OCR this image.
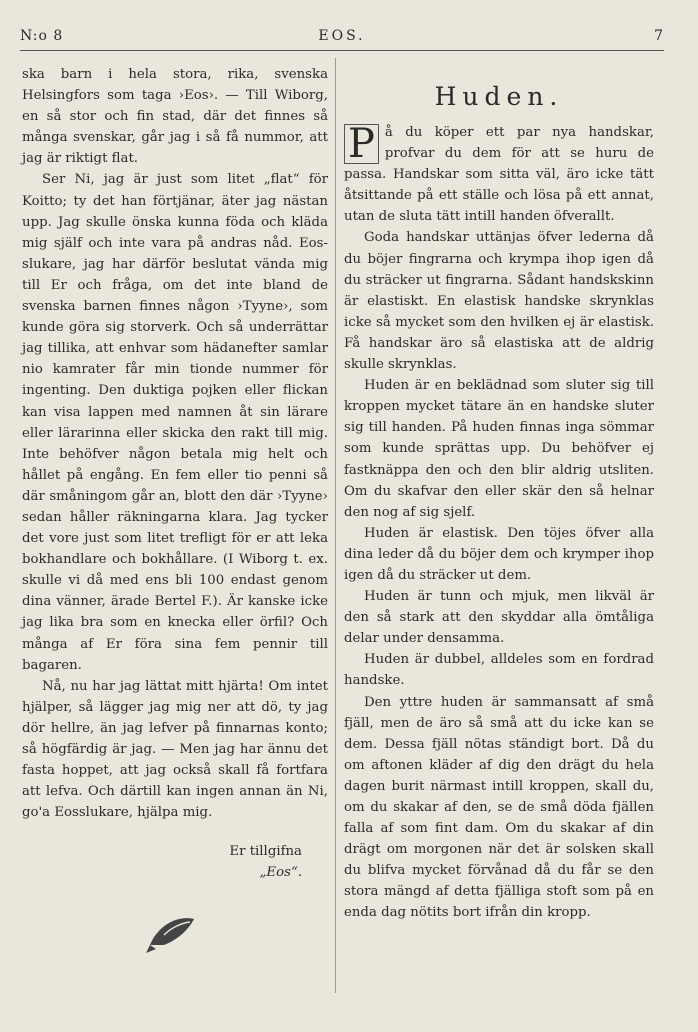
N:o 8	EOS.	7

ska barn i hela stora, rika, svenska Helsingfors som taga ›Eos›. — Till Wiborg, en så stor och fin stad, där det finnes så många svenskar, går jag i så få nummor, att jag är riktigt flat.

Ser Ni, jag är just som litet „flat“ för Koitto; ty det han förtjänar, äter jag nästan upp. Jag skulle önska kunna föda och kläda mig själf och inte vara på andras nåd. Eos-slukare, jag har därför beslutat vända mig till Er och fråga, om det inte bland de svenska barnen finnes någon ›Tyyne›, som kunde göra sig storverk. Och så underrättar jag tillika, att enhvar som hädanefter samlar nio kamrater får min tionde nummer för ingenting. Den duktiga pojken eller flickan kan visa lappen med namnen åt sin lärare eller lärarinna eller skicka den rakt till mig. Inte behöfver någon betala mig helt och hållet på engång. En fem eller tio penni så där småningom går an, blott den där ›Tyyne› sedan håller räkningarna klara. Jag tycker det vore just som litet trefligt för er att leka bokhandlare och bokhållare. (I Wiborg t. ex. skulle vi då med ens bli 100 endast genom dina vänner, ärade Bertel F.). Är kanske icke jag lika bra som en knecka eller örfil? Och många af Er föra sina fem pennir till bagaren.

Nå, nu har jag lättat mitt hjärta! Om intet hjälper, så lägger jag mig ner att dö, ty jag dör hellre, än jag lefver på finnarnas konto; så högfärdig är jag. — Men jag har ännu det fasta hoppet, att jag också skall få fortfara att lefva. Och därtill kan ingen annan än Ni, go'a Eosslukare, hjälpa mig.

Er tillgifna
„Eos“.
Huden.

P å du köper ett par nya handskar, profvar du dem för att se huru de passa. Handskar som sitta väl, äro icke tätt åtsittande på ett ställe och lösa på ett annat, utan de sluta tätt intill handen öfverallt.

Goda handskar uttänjas öfver lederna då du böjer fingrarna och krympa ihop igen då du sträcker ut fingrarna. Sådant handskskinn är elastiskt. En elastisk handske skrynklas icke så mycket som den hvilken ej är elastisk. Få handskar äro så elastiska att de aldrig skulle skrynklas.

Huden är en beklädnad som sluter sig till kroppen mycket tätare än en handske sluter sig till handen. På huden finnas inga sömmar som kunde sprättas upp. Du behöfver ej fastknäppa den och den blir aldrig utsliten. Om du skafvar den eller skär den så helnar den nog af sig sjelf.

Huden är elastisk. Den töjes öfver alla dina leder då du böjer dem och krymper ihop igen då du sträcker ut dem.

Huden är tunn och mjuk, men likväl är den så stark att den skyddar alla ömtåliga delar under densamma.

Huden är dubbel, alldeles som en fordrad handske.

Den yttre huden är sammansatt af små fjäll, men de äro så små att du icke kan se dem. Dessa fjäll nötas ständigt bort. Då du om aftonen kläder af dig den drägt du hela dagen burit närmast intill kroppen, skall du, om du skakar af den, se de små döda fjällen falla af som fint dam. Om du skakar af din drägt om morgonen när det är solsken skall du blifva mycket förvånad då du får se den stora mängd af detta fjälliga stoft som på en enda dag nötits bort ifrån din kropp.
